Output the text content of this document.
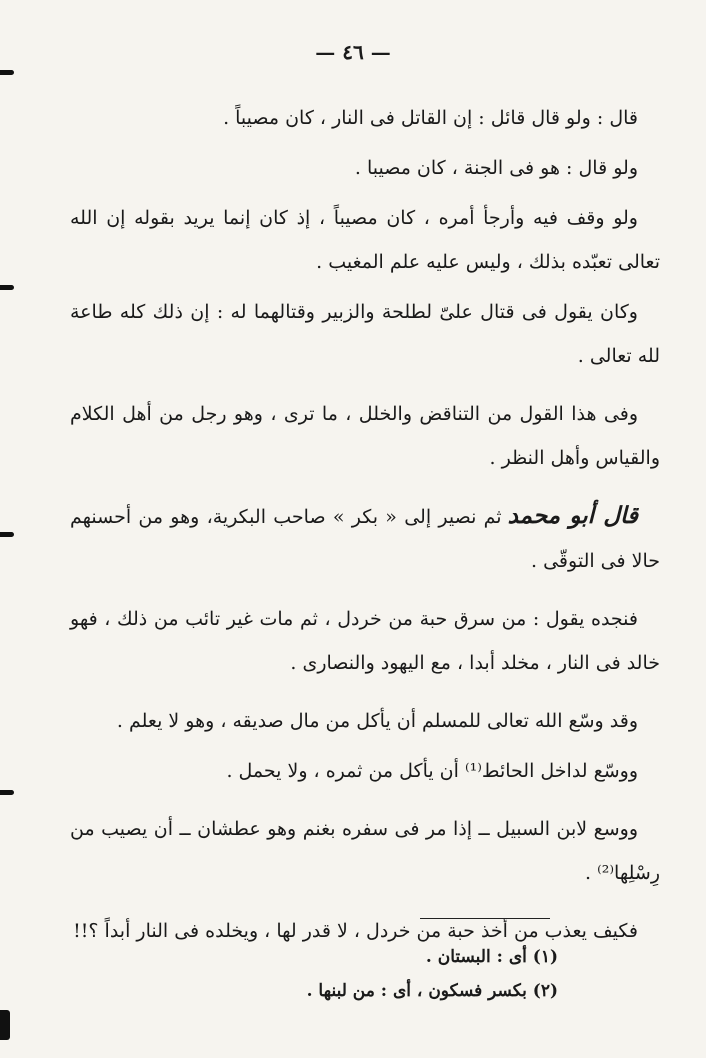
— ٤٦ —

قال : ولو قال قائل : إن القاتل فى النار ، كان مصيباً .

ولو قال : هو فى الجنة ، كان مصيبا .

ولو وقف فيه وأرجأ أمره ، كان مصيباً ، إذ كان إنما يريد بقوله إن الله تعالى تعبّده بذلك ، وليس عليه علم المغيب .

وكان يقول فى قتال علىّ لطلحة والزبير وقتالهما له : إن ذلك كله طاعة لله تعالى .

وفى هذا القول من التناقض والخلل ، ما ترى ، وهو رجل من أهل الكلام والقياس وأهل النظر .

قال أبو محمدثم نصير إلى « بكر » صاحب البكرية، وهو من أحسنهم حالا فى التوقّى .

فنجده يقول : من سرق حبة من خردل ، ثم مات غير تائب من ذلك ، فهو خالد فى النار ، مخلد أبدا ، مع اليهود والنصارى .

وقد وسّع الله تعالى للمسلم أن يأكل من مال صديقه ، وهو لا يعلم .

ووسّع لداخل الحائط⁽¹⁾ أن يأكل من ثمره ، ولا يحمل .

ووسع لابن السبيل ــ إذا مر فى سفره بغنم وهو عطشان ــ أن يصيب من رِسْلِها⁽²⁾ .

فكيف يعذب من أخذ حبة من خردل ، لا قدر لها ، ويخلده فى النار أبداً ؟!!

(١) أى : البستان .

(٢) بكسر فسكون ، أى : من لبنها .
